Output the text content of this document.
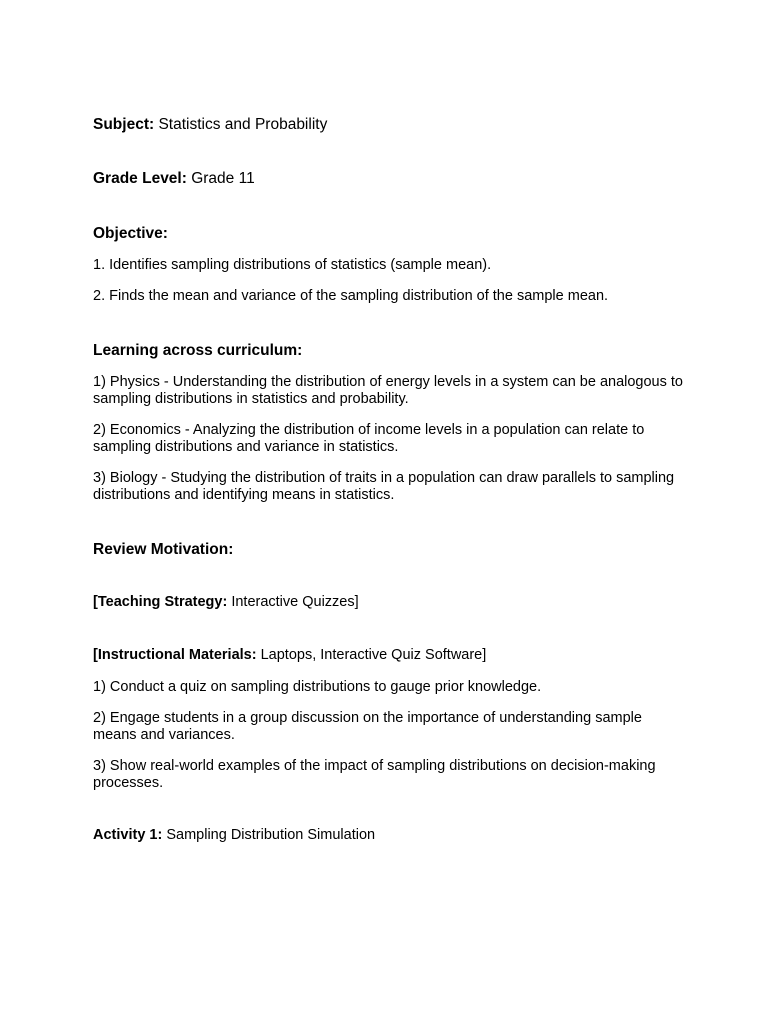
Subject: Statistics and Probability

Grade Level: Grade 11

Objective:

1. Identifies sampling distributions of statistics (sample mean).

2. Finds the mean and variance of the sampling distribution of the sample mean.

Learning across curriculum:

1) Physics - Understanding the distribution of energy levels in a system can be analogous to sampling distributions in statistics and probability.

2) Economics - Analyzing the distribution of income levels in a population can relate to sampling distributions and variance in statistics.

3) Biology - Studying the distribution of traits in a population can draw parallels to sampling distributions and identifying means in statistics.

Review Motivation:

[Teaching Strategy: Interactive Quizzes]

[Instructional Materials: Laptops, Interactive Quiz Software]

1) Conduct a quiz on sampling distributions to gauge prior knowledge.

2) Engage students in a group discussion on the importance of understanding sample means and variances.

3) Show real-world examples of the impact of sampling distributions on decision-making processes.

Activity 1: Sampling Distribution Simulation
